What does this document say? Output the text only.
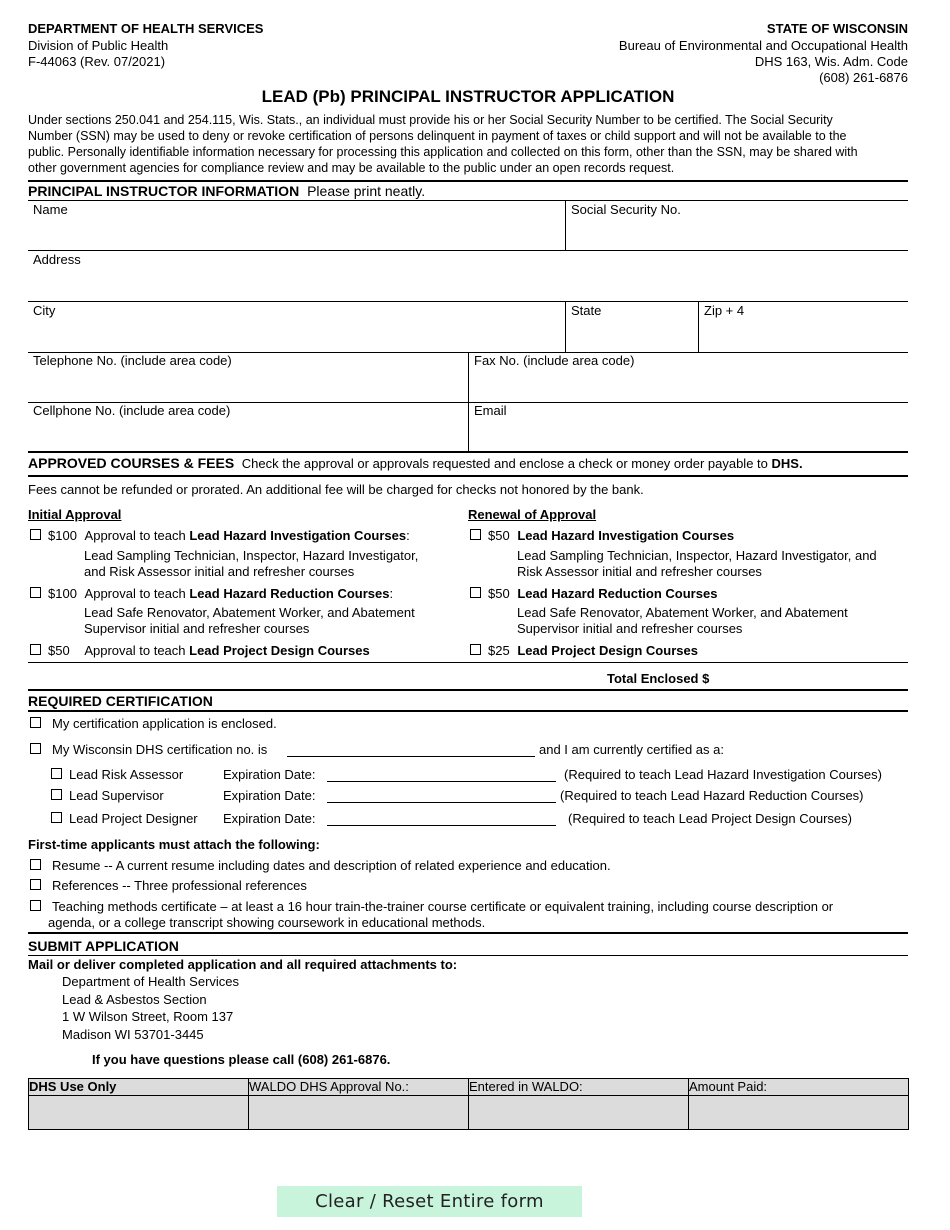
DEPARTMENT OF HEALTH SERVICES
Division of Public Health
F-44063 (Rev. 07/2021)
STATE OF WISCONSIN
Bureau of Environmental and Occupational Health
DHS 163, Wis. Adm. Code
(608) 261-6876
LEAD (Pb) PRINCIPAL INSTRUCTOR APPLICATION
Under sections 250.041 and 254.115, Wis. Stats., an individual must provide his or her Social Security Number to be certified. The Social Security
Number (SSN) may be used to deny or revoke certification of persons delinquent in payment of taxes or child support and will not be available to the
public. Personally identifiable information necessary for processing this application and collected on this form, other than the SSN, may be shared with
other government agencies for compliance review and may be available to the public under an open records request.
PRINCIPAL INSTRUCTOR INFORMATION Please print neatly.
Name	Social Security No.
Address
City	State	Zip + 4
Telephone No. (include area code)	Fax No. (include area code)
Cellphone No. (include area code)	Email
APPROVED COURSES & FEES Check the approval or approvals requested and enclose a check or money order payable to DHS.
Fees cannot be refunded or prorated. An additional fee will be charged for checks not honored by the bank.
Initial Approval	Renewal of Approval
$100 Approval to teach Lead Hazard Investigation Courses:
Lead Sampling Technician, Inspector, Hazard Investigator,
and Risk Assessor initial and refresher courses
$100 Approval to teach Lead Hazard Reduction Courses:
Lead Safe Renovator, Abatement Worker, and Abatement
Supervisor initial and refresher courses
$50 Approval to teach Lead Project Design Courses
$50 Lead Hazard Investigation Courses
Lead Sampling Technician, Inspector, Hazard Investigator, and
Risk Assessor initial and refresher courses
$50 Lead Hazard Reduction Courses
Lead Safe Renovator, Abatement Worker, and Abatement
Supervisor initial and refresher courses
$25 Lead Project Design Courses
Total Enclosed $
REQUIRED CERTIFICATION
My certification application is enclosed.
My Wisconsin DHS certification no. is	and I am currently certified as a:
Lead Risk Assessor	Expiration Date:	(Required to teach Lead Hazard Investigation Courses)
Lead Supervisor	Expiration Date:	(Required to teach Lead Hazard Reduction Courses)
Lead Project Designer Expiration Date:	(Required to teach Lead Project Design Courses)
First-time applicants must attach the following:
Resume -- A current resume including dates and description of related experience and education.
References -- Three professional references
Teaching methods certificate – at least a 16 hour train-the-trainer course certificate or equivalent training, including course description or
agenda, or a college transcript showing coursework in educational methods.
SUBMIT APPLICATION
Mail or deliver completed application and all required attachments to:
Department of Health Services
Lead & Asbestos Section
1 W Wilson Street, Room 137
Madison WI 53701-3445
If you have questions please call (608) 261-6876.
DHS Use Only	WALDO DHS Approval No.:	Entered in WALDO:	Amount Paid:
Clear / Reset Entire form
